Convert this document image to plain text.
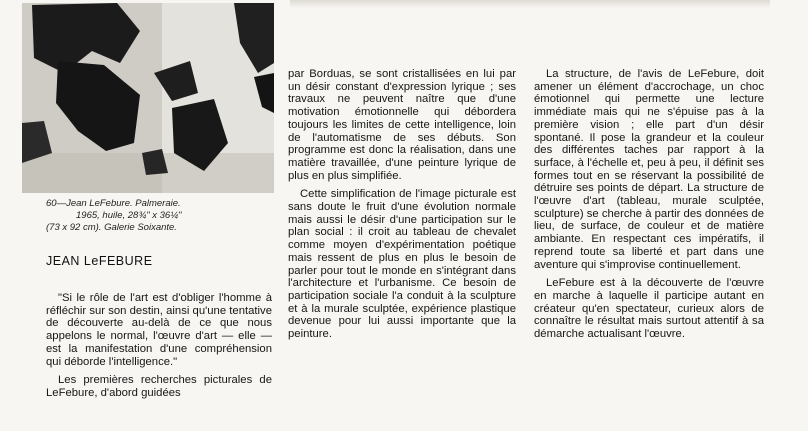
60—Jean LeFebure. Palmeraie.
1965, huile, 28¾" x 36¼"
(73 x 92 cm). Galerie Soixante.
JEAN LeFEBURE

"Si le rôle de l'art est d'obliger l'homme à réfléchir sur son destin, ainsi qu'une tentative de découverte au-delà de ce que nous appelons le normal, l'œuvre d'art — elle — est la manifestation d'une compréhension qui déborde l'intelligence."

Les premières recherches picturales de LeFebure, d'abord guidées

par Borduas, se sont cristallisées en lui par un désir constant d'expression lyrique ; ses travaux ne peuvent naître que d'une motivation émotionnelle qui débordera toujours les limites de cette intelligence, loin de l'automatisme de ses débuts. Son programme est donc la réalisation, dans une matière travaillée, d'une peinture lyrique de plus en plus simplifiée.

Cette simplification de l'image picturale est sans doute le fruit d'une évolution normale mais aussi le désir d'une participation sur le plan social : il croit au tableau de chevalet comme moyen d'expérimentation poétique mais ressent de plus en plus le besoin de parler pour tout le monde en s'intégrant dans l'architecture et l'urbanisme. Ce besoin de participation sociale l'a conduit à la sculpture et à la murale sculptée, expérience plastique devenue pour lui aussi importante que la peinture.

La structure, de l'avis de LeFebure, doit amener un élément d'accrochage, un choc émotionnel qui permette une lecture immédiate mais qui ne s'épuise pas à la première vision ; elle part d'un désir spontané. Il pose la grandeur et la couleur des différentes taches par rapport à la surface, à l'échelle et, peu à peu, il définit ses formes tout en se réservant la possibilité de détruire ses points de départ. La structure de l'œuvre d'art (tableau, murale sculptée, sculpture) se cherche à partir des données de lieu, de surface, de couleur et de matière ambiante. En respectant ces impératifs, il reprend toute sa liberté et part dans une aventure qui s'improvise continuellement.

LeFebure est à la découverte de l'œuvre en marche à laquelle il participe autant en créateur qu'en spectateur, curieux alors de connaître le résultat mais surtout attentif à sa démarche actualisant l'œuvre.
